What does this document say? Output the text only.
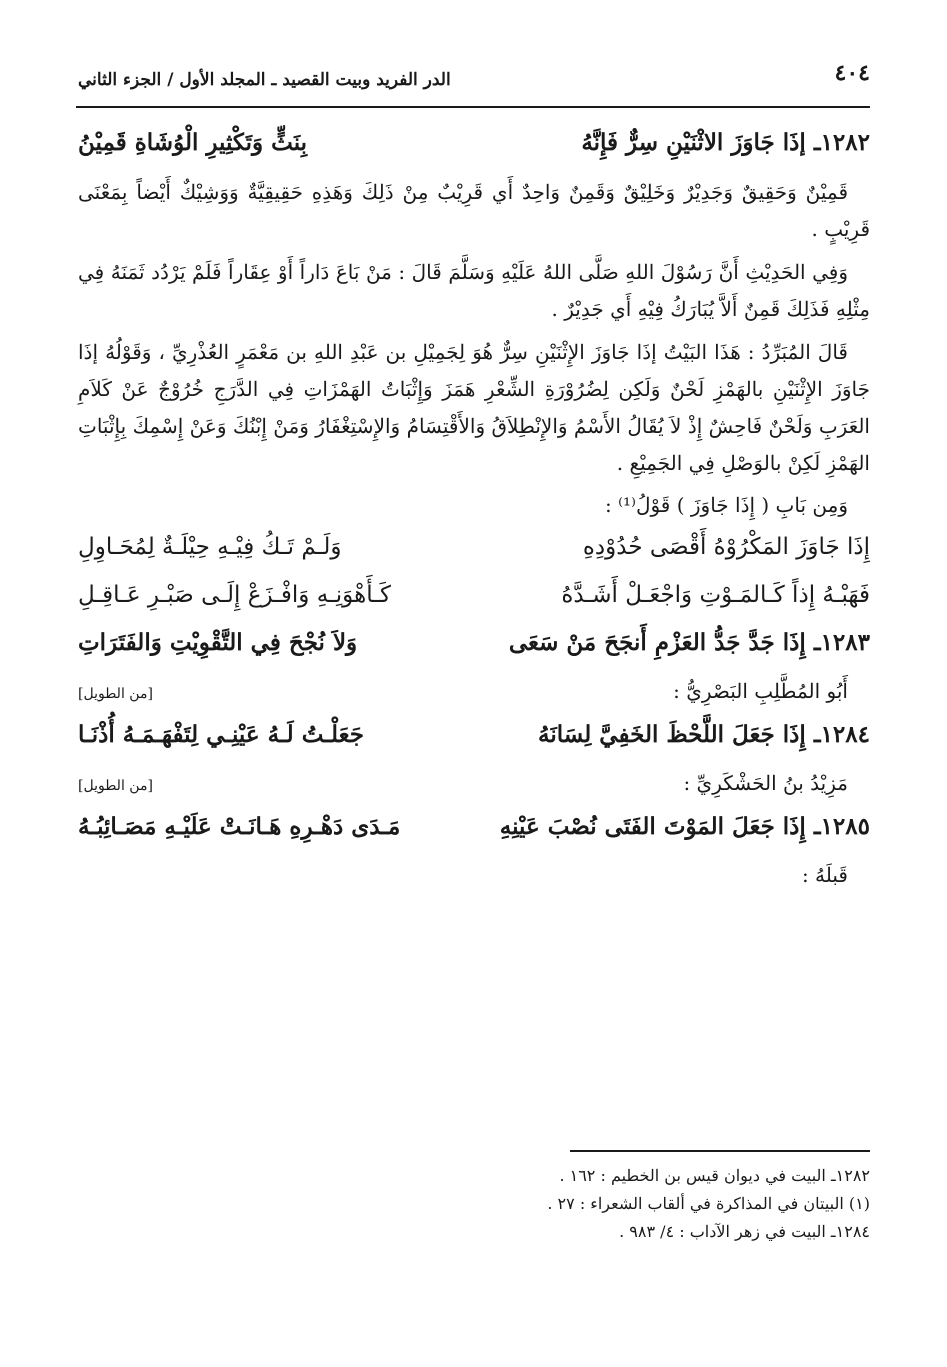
٤٠٤
الدر الفريد وبيت القصيد ـ المجلد الأول / الجزء الثاني
١٢٨٢ـ إذَا جَاوَزَ الاثْنَيْنِ سِرٌّ فَإِنَّهُ
بِنَثٍّ وَتَكْثِيرِ الْوُشَاةِ قَمِيْنُ

قَمِيْنٌ وَحَقِيقٌ وَجَدِيْرٌ وَخَلِيْقٌ وَقَمِنٌ وَاحِدٌ أَي قَرِيْبٌ مِنْ ذَلِكَ وَهَذِهِ حَقِيقِيَّةٌ وَوَشِيْكٌ أَيْضاً بِمَعْنَى قَرِيْبٍ .

وَفِي الحَدِيْثِ أَنَّ رَسُوْلَ اللهِ صَلَّى اللهُ عَلَيْهِ وَسَلَّمَ قَالَ : مَنْ بَاعَ دَاراً أَوْ عِقَاراً فَلَمْ يَرْدُد ثَمَنَهُ فِي مِثْلِهِ فَذَلِكَ قَمِنٌ أَلاَّ يُبَارَكُ فِيْهِ أَي جَدِيْرٌ .

قَالَ المُبَرِّدُ : هَذَا البَيْتُ إذَا جَاوَزَ الإِثْنَيْنِ سِرٌّ هُوَ لِجَمِيْلِ بن عَبْدِ اللهِ بن مَعْمَرٍ العُذْرِيِّ ، وَقَوْلُهُ إذَا جَاوَزَ الإِثْنَيْنِ بالهَمْزِ لَحْنٌ وَلَكِن لِضُرُوْرَةِ الشِّعْرِ هَمَزَ وَإِثْبَاتُ الهَمْزَاتِ فِي الدَّرَجِ خُرُوْجٌ عَنْ كَلاَمِ العَرَبِ وَلَحْنٌ فَاحِشٌ إِذْ لاَ يُقَالُ الأَسْمُ وَالإِنْطِلاَقُ وَالأَقْتِسَامُ وَالإِسْتِغْفَارُ وَمَنْ إِبْنُكَ وَعَنْ إِسْمِكَ بِإِثْبَاتِ الهَمْزِ لَكِنْ بالوَصْلِ فِي الجَمِيْعِ .

وَمِن بَابِ ( إِذَا جَاوَزَ ) قَوْلُ⁽¹⁾ :
إِذَا جَاوَزَ المَكْرُوْهُ أَقْصَى حُدُوْدِهِ
وَلَـمْ تَـكُ فِيْـهِ حِيْلَـةٌ لِمُحَـاوِلِ
فَهَبْـهُ إِذاً كَـالمَـوْتِ وَاجْعَـلْ أَشَـدَّهُ
كَـأَهْوَنِـهِ وَافْـزَعْ إِلَـى صَبْـرِ عَـاقِـلِ
١٢٨٣ـ إِذَا جَدَّ جَدُّ العَزْمِ أَنجَحَ مَنْ سَعَى
وَلاَ نُجْحَ فِي التَّقْوِيْتِ وَالفَتَرَاتِ
أَبُو المُطَّلِبِ البَصْرِيُّ :
[من الطويل]
١٢٨٤ـ إِذَا جَعَلَ اللَّحْظَ الخَفِيَّ لِسَانَهُ
جَعَلْـتُ لَـهُ عَيْنِـي لِتَفْهَـمَـهُ أُذْنَـا
مَزِيْدُ بنُ الحَشْكَرِيِّ :
[من الطويل]
١٢٨٥ـ إِذَا جَعَلَ المَوْتَ الفَتَى نُصْبَ عَيْنِهِ
مَـدَى دَهْـرِهِ هَـانَـتْ عَلَيْـهِ مَصَـائِبُـهُ
قَبلَهُ :
١٢٨٢ـ البيت في ديوان قيس بن الخطيم : ١٦٢ .
(١) البيتان في المذاكرة في ألقاب الشعراء : ٢٧ .
١٢٨٤ـ البيت في زهر الآداب : ٤/ ٩٨٣ .
